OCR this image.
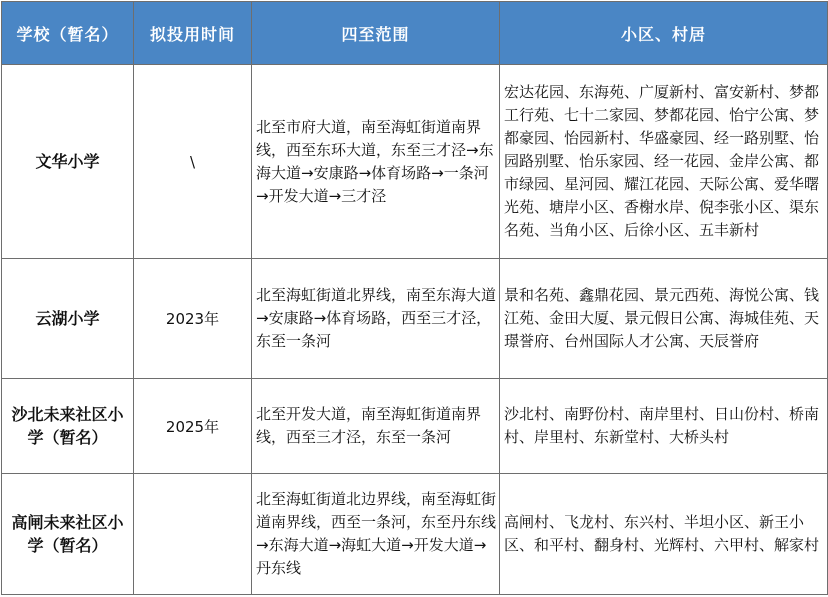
学校（暂名）	拟投用时间	四至范围	小区、村居
文华小学	\	北至市府大道，南至海虹街道南界线，西至东环大道，东至三才泾→东海大道→安康路→体育场路→一条河→开发大道→三才泾	宏达花园、东海苑、广厦新村、富安新村、梦都工行苑、七十二家园、梦都花园、怡宁公寓、梦都豪园、怡园新村、华盛豪园、经一路别墅、怡园路别墅、怡乐家园、经一花园、金岸公寓、都市绿园、星河园、耀江花园、天际公寓、爱华曙光苑、塘岸小区、香榭水岸、倪李张小区、渠东名苑、当角小区、后徐小区、五丰新村
云湖小学	2023年	北至海虹街道北界线，南至东海大道→安康路→体育场路，西至三才泾，东至一条河	景和名苑、鑫鼎花园、景元西苑、海悦公寓、钱江苑、金田大厦、景元假日公寓、海城佳苑、天璟誉府、台州国际人才公寓、天辰誉府
沙北未来社区小学（暂名）	2025年	北至开发大道，南至海虹街道南界线，西至三才泾，东至一条河	沙北村、南野份村、南岸里村、日山份村、桥南村、岸里村、东新堂村、大桥头村
高闸未来社区小学（暂名）		北至海虹街道北边界线，南至海虹街道南界线，西至一条河，东至丹东线→东海大道→海虹大道→开发大道→丹东线	高闸村、飞龙村、东兴村、半坦小区、新王小区、和平村、翻身村、光辉村、六甲村、解家村
